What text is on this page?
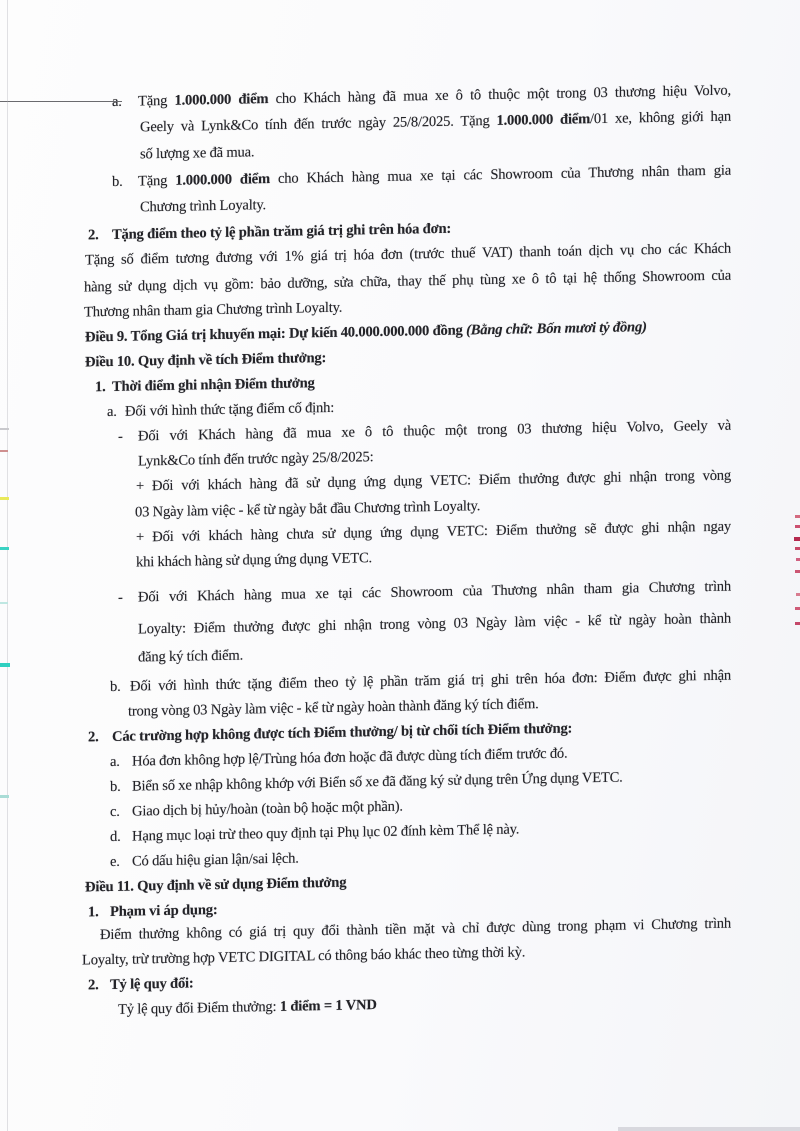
Tặng 1.000.000 điểm cho Khách hàng đã mua xe ô tô thuộc một trong 03 thương hiệu Volvo,
Geely và Lynk&Co tính đến trước ngày 25/8/2025. Tặng 1.000.000 điểm/01 xe, không giới hạn
số lượng xe đã mua.
b. Tặng 1.000.000 điểm cho Khách hàng mua xe tại các Showroom của Thương nhân tham gia
Chương trình Loyalty.
2. Tặng điểm theo tỷ lệ phần trăm giá trị ghi trên hóa đơn:
Tặng số điểm tương đương với 1% giá trị hóa đơn (trước thuế VAT) thanh toán dịch vụ cho các Khách
hàng sử dụng dịch vụ gồm: bảo dưỡng, sửa chữa, thay thế phụ tùng xe ô tô tại hệ thống Showroom của
Thương nhân tham gia Chương trình Loyalty.
Điều 9. Tổng Giá trị khuyến mại: Dự kiến 40.000.000.000 đồng (Bằng chữ: Bốn mươi tỷ đồng)
Điều 10. Quy định về tích Điểm thưởng:
1. Thời điểm ghi nhận Điểm thưởng
a. Đối với hình thức tặng điểm cố định:
- Đối với Khách hàng đã mua xe ô tô thuộc một trong 03 thương hiệu Volvo, Geely và
Lynk&Co tính đến trước ngày 25/8/2025:
+ Đối với khách hàng đã sử dụng ứng dụng VETC: Điểm thưởng được ghi nhận trong vòng
03 Ngày làm việc - kể từ ngày bắt đầu Chương trình Loyalty.
+ Đối với khách hàng chưa sử dụng ứng dụng VETC: Điểm thưởng sẽ được ghi nhận ngay
khi khách hàng sử dụng ứng dụng VETC.
- Đối với Khách hàng mua xe tại các Showroom của Thương nhân tham gia Chương trình
Loyalty: Điểm thưởng được ghi nhận trong vòng 03 Ngày làm việc - kể từ ngày hoàn thành
đăng ký tích điểm.
b. Đối với hình thức tặng điểm theo tỷ lệ phần trăm giá trị ghi trên hóa đơn: Điểm được ghi nhận
trong vòng 03 Ngày làm việc - kể từ ngày hoàn thành đăng ký tích điểm.
2. Các trường hợp không được tích Điểm thưởng/ bị từ chối tích Điểm thưởng:
a. Hóa đơn không hợp lệ/Trùng hóa đơn hoặc đã được dùng tích điểm trước đó.
b. Biển số xe nhập không khớp với Biển số xe đã đăng ký sử dụng trên Ứng dụng VETC.
c. Giao dịch bị hủy/hoàn (toàn bộ hoặc một phần).
d. Hạng mục loại trừ theo quy định tại Phụ lục 02 đính kèm Thể lệ này.
e. Có dấu hiệu gian lận/sai lệch.
Điều 11. Quy định về sử dụng Điểm thưởng
1. Phạm vi áp dụng:
Điểm thưởng không có giá trị quy đổi thành tiền mặt và chỉ được dùng trong phạm vi Chương trình
Loyalty, trừ trường hợp VETC DIGITAL có thông báo khác theo từng thời kỳ.
2. Tỷ lệ quy đổi:
Tỷ lệ quy đổi Điểm thưởng: 1 điểm = 1 VND
